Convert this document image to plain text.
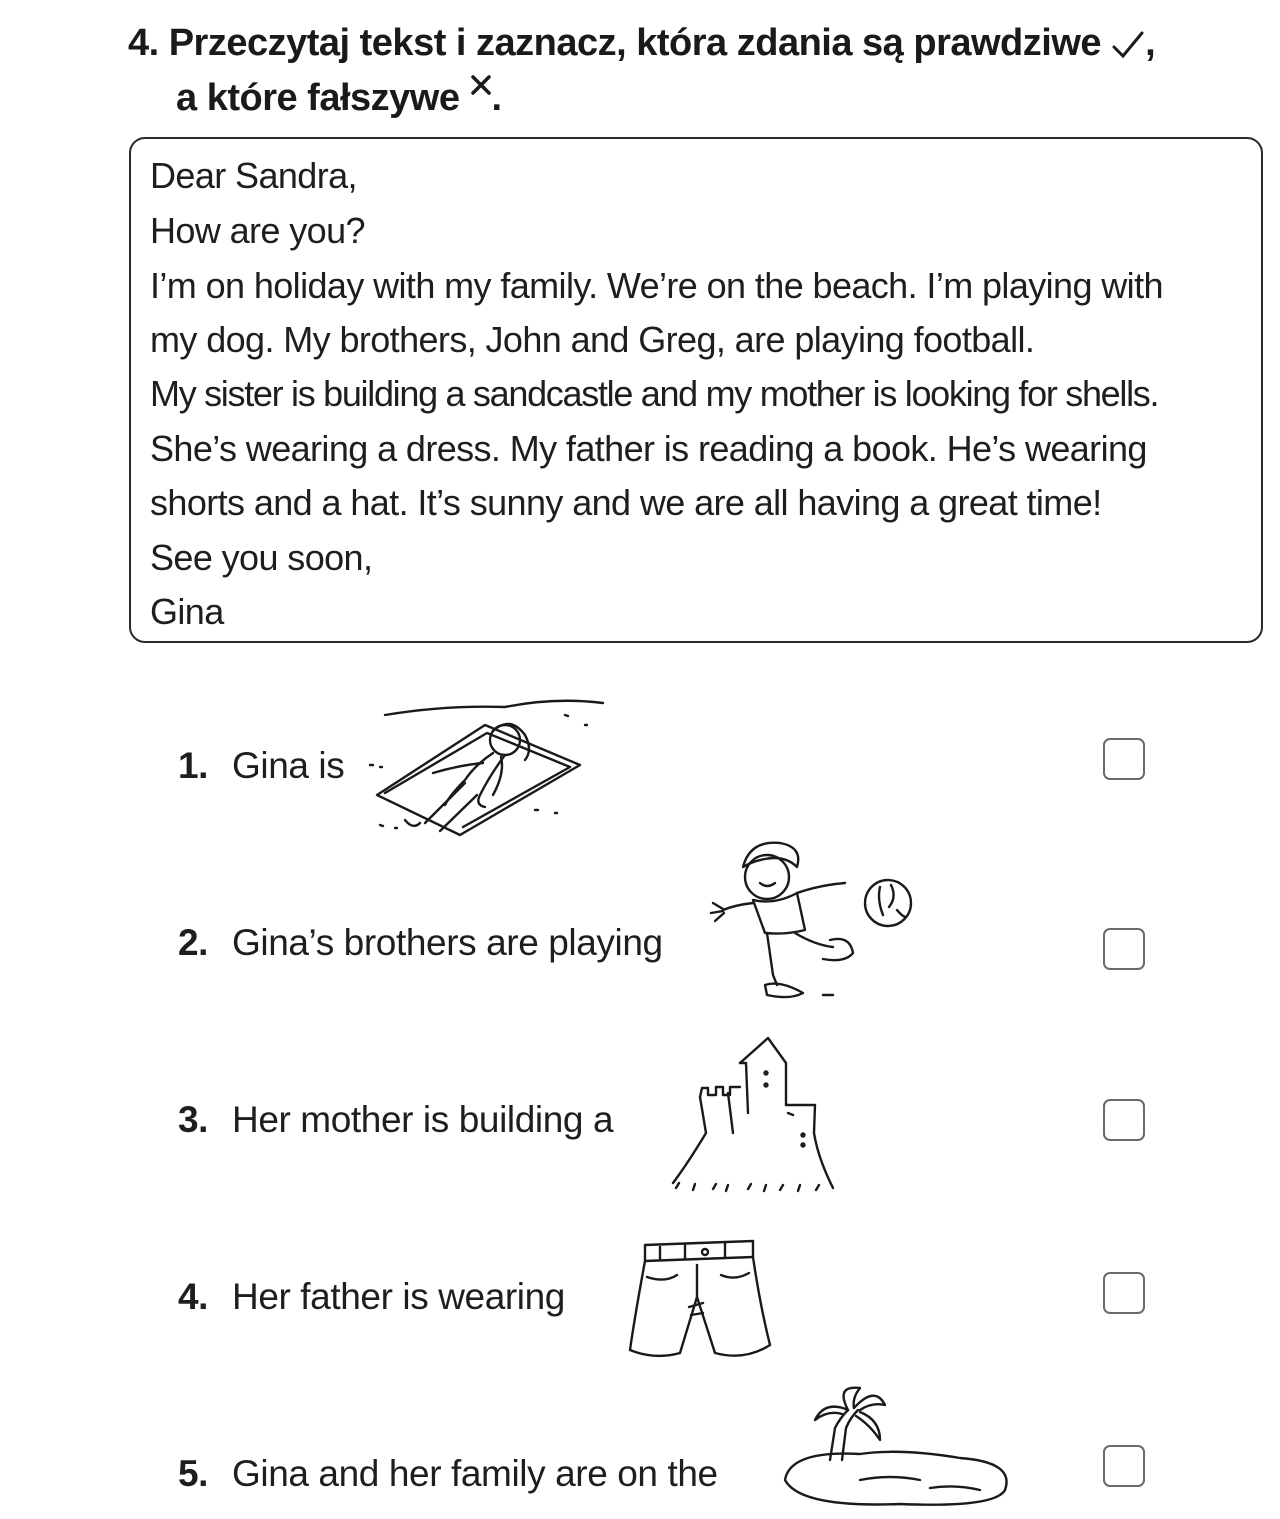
4. Przeczytaj tekst i zaznacz, która zdania są prawdziwe ,
a które fałszywe .
Dear Sandra,
How are you?
I’m on holiday with my family. We’re on the beach. I’m playing with
my dog. My brothers, John and Greg, are playing football.
My sister is building a sandcastle and my mother is looking for shells.
She’s wearing a dress. My father is reading a book. He’s wearing
shorts and a hat. It’s sunny and we are all having a great time!
See you soon,
Gina
1. Gina is
2. Gina’s brothers are playing
3. Her mother is building a
4. Her father is wearing
5. Gina and her family are on the
